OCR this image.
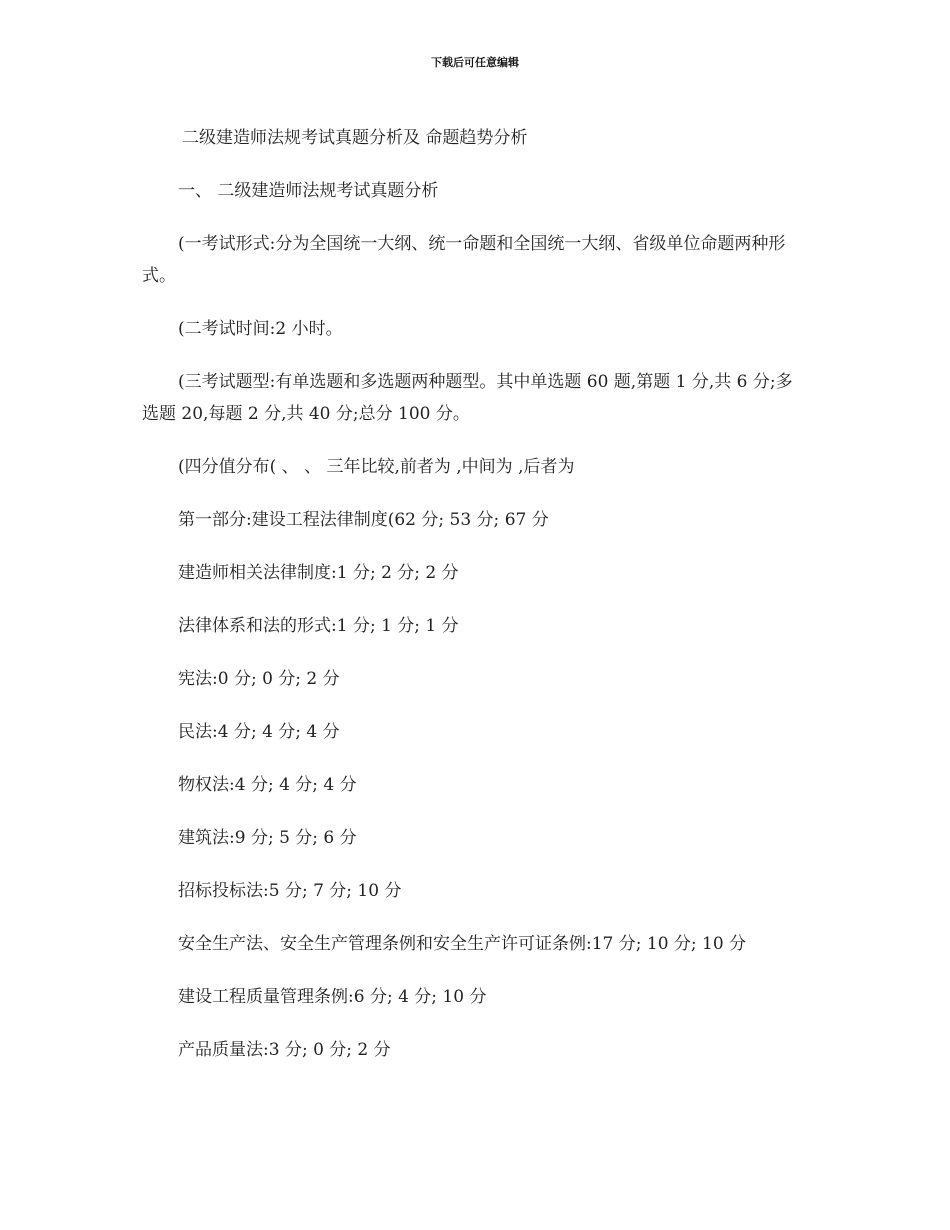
下载后可任意编辑

二级建造师法规考试真题分析及 命题趋势分析

一、 二级建造师法规考试真题分析

(一考试形式:分为全国统一大纲、统一命题和全国统一大纲、省级单位命题两种形式。

(二考试时间:2 小时。

(三考试题型:有单选题和多选题两种题型。其中单选题 60 题,第题 1 分,共 6 分;多 选题 20,每题 2 分,共 40 分;总分 100 分。

(四分值分布( 、 、 三年比较,前者为 ,中间为 ,后者为

第一部分:建设工程法律制度(62 分; 53 分; 67 分

建造师相关法律制度:1 分; 2 分; 2 分

法律体系和法的形式:1 分; 1 分; 1 分

宪法:0 分; 0 分; 2 分

民法:4 分; 4 分; 4 分

物权法:4 分; 4 分; 4 分

建筑法:9 分; 5 分; 6 分

招标投标法:5 分; 7 分; 10 分

安全生产法、安全生产管理条例和安全生产许可证条例:17 分; 10 分; 10 分

建设工程质量管理条例:6 分; 4 分; 10 分

产品质量法:3 分; 0 分; 2 分
